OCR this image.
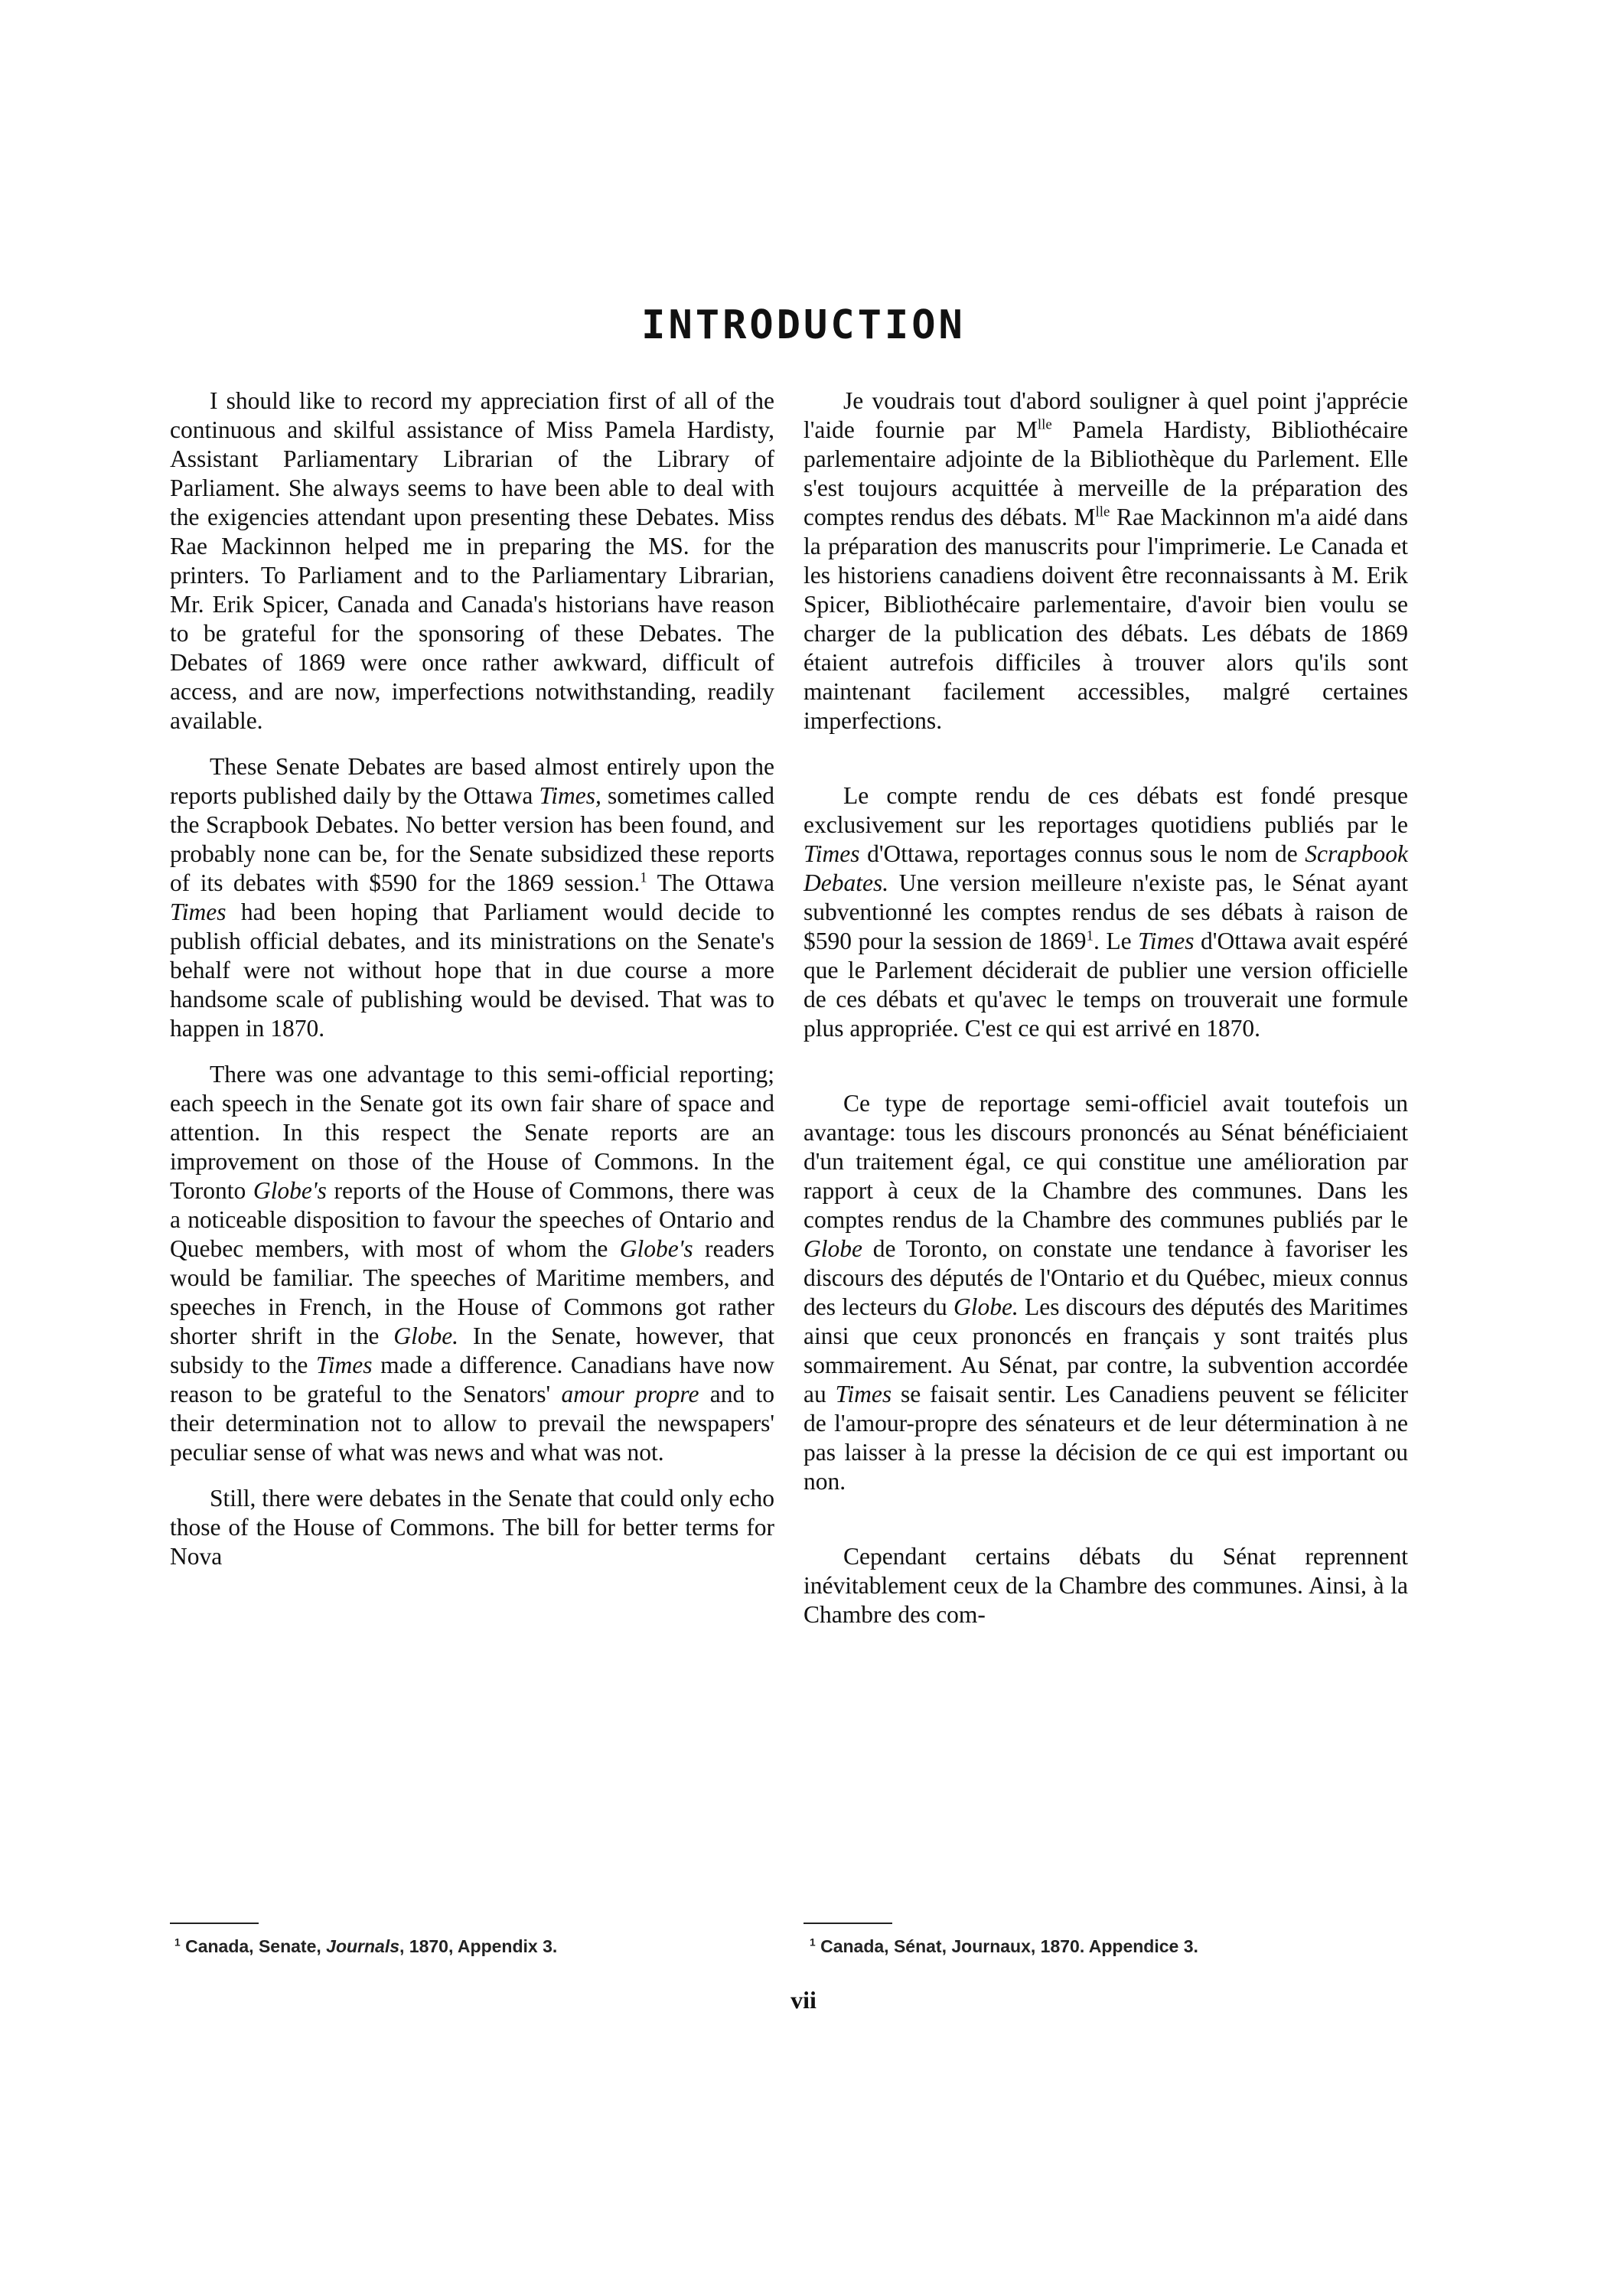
INTRODUCTION

I should like to record my appreciation first of all of the continuous and skilful assistance of Miss Pamela Hardisty, Assistant Parliamentary Librarian of the Library of Parliament. She always seems to have been able to deal with the exigencies attendant upon presenting these Debates. Miss Rae Mackinnon helped me in preparing the MS. for the printers. To Parliament and to the Parliamentary Librarian, Mr. Erik Spicer, Canada and Canada's historians have reason to be grateful for the sponsoring of these Debates. The Debates of 1869 were once rather awkward, difficult of access, and are now, imperfections notwithstanding, readily available.

These Senate Debates are based almost entirely upon the reports published daily by the Ottawa Times, sometimes called the Scrapbook Debates. No better version has been found, and probably none can be, for the Senate subsidized these reports of its debates with $590 for the 1869 session.$^1$ The Ottawa Times had been hoping that Parliament would decide to publish official debates, and its ministrations on the Senate's behalf were not without hope that in due course a more handsome scale of publishing would be devised. That was to happen in 1870.

There was one advantage to this semi-official reporting; each speech in the Senate got its own fair share of space and attention. In this respect the Senate reports are an improvement on those of the House of Commons. In the Toronto Globe's reports of the House of Commons, there was a noticeable disposition to favour the speeches of Ontario and Quebec members, with most of whom the Globe's readers would be familiar. The speeches of Maritime members, and speeches in French, in the House of Commons got rather shorter shrift in the Globe. In the Senate, however, that subsidy to the Times made a difference. Canadians have now reason to be grateful to the Senators' amour propre and to their determination not to allow to prevail the newspapers' peculiar sense of what was news and what was not.

Still, there were debates in the Senate that could only echo those of the House of Commons. The bill for better terms for Nova

Je voudrais tout d'abord souligner à quel point j'apprécie l'aide fournie par $M^{lle}$ Pamela Hardisty, Bibliothécaire parlementaire adjointe de la Bibliothèque du Parlement. Elle s'est toujours acquittée à merveille de la préparation des comptes rendus des débats. $M^{lle}$ Rae Mackinnon m'a aidé dans la préparation des manuscrits pour l'imprimerie. Le Canada et les historiens canadiens doivent être reconnaissants à M. Erik Spicer, Bibliothécaire parlementaire, d'avoir bien voulu se charger de la publication des débats. Les débats de 1869 étaient autrefois difficiles à trouver alors qu'ils sont maintenant facilement accessibles, malgré certaines imperfections.

Le compte rendu de ces débats est fondé presque exclusivement sur les reportages quotidiens publiés par le Times d'Ottawa, reportages connus sous le nom de Scrapbook Debates. Une version meilleure n'existe pas, le Sénat ayant subventionné les comptes rendus de ses débats à raison de $590 pour la session de 1869$^1$. Le Times d'Ottawa avait espéré que le Parlement déciderait de publier une version officielle de ces débats et qu'avec le temps on trouverait une formule plus appropriée. C'est ce qui est arrivé en 1870.

Ce type de reportage semi-officiel avait toutefois un avantage: tous les discours prononcés au Sénat bénéficiaient d'un traitement égal, ce qui constitue une amélioration par rapport à ceux de la Chambre des communes. Dans les comptes rendus de la Chambre des communes publiés par le Globe de Toronto, on constate une tendance à favoriser les discours des députés de l'Ontario et du Québec, mieux connus des lecteurs du Globe. Les discours des députés des Maritimes ainsi que ceux prononcés en français y sont traités plus sommairement. Au Sénat, par contre, la subvention accordée au Times se faisait sentir. Les Canadiens peuvent se féliciter de l'amour-propre des sénateurs et de leur détermination à ne pas laisser à la presse la décision de ce qui est important ou non.

Cependant certains débats du Sénat reprennent inévitablement ceux de la Chambre des communes. Ainsi, à la Chambre des com-

$^1$ Canada, Senate, Journals, 1870, Appendix 3.	$^1$ Canada, Sénat, Journaux, 1870. Appendice 3.

vii
